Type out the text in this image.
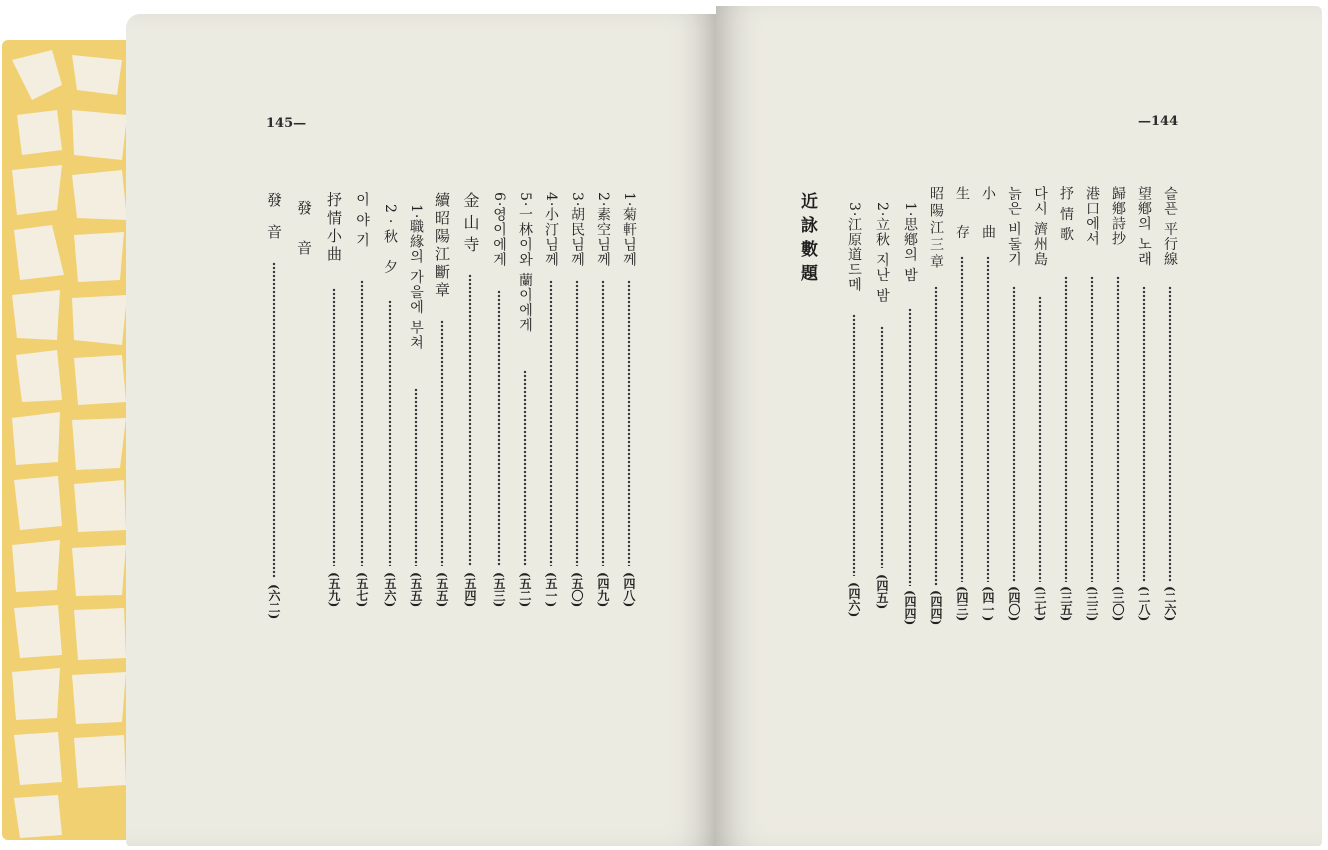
145—
1·菊軒님께
(四八)
2·素空님께
(四九)
3·胡民님께
(五〇)
4·小汀님께
(五一)
5·一林이와 蘭이에게
(五二)
6·영이에게
(五三)
金山寺
(五四)
續昭陽江斷章
(五五)
1·職緣의 가을에 부쳐
(五五)
2·秋 夕
(五六)
이 야 기
(五七)
抒情小曲
(五九)
發 音
發 音
(六二)
—144
슬픈 平行線
(二六)
望鄕의 노래
(二八)
歸鄕詩抄
(三〇)
港口에서
(三三)
抒 情 歌
(三五)
다시 濟州島
(三七)
늙은 비둘기
(四〇)
小 曲
(四一)
生 存
(四三)
昭陽江三章
(四四)
1·思鄕의 밤
(四四)
2·立秋 지난 밤
(四五)
3·江原道드메
(四六)
近詠數題
